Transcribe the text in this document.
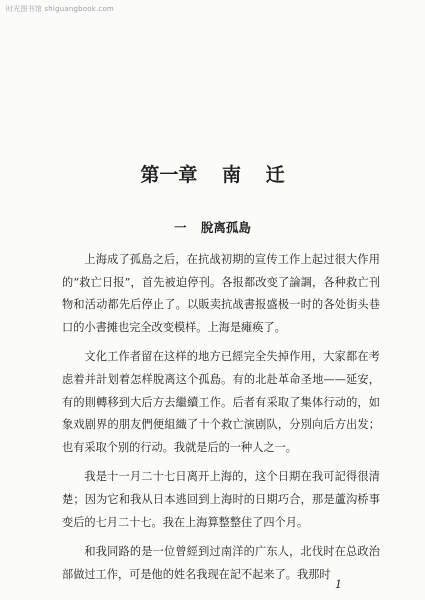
时光图书馆 shiguangbook.com
第一章 南 迁
一 脫离孤島

上海成了孤島之后，在抗战初期的宣传工作上起过很大作用的“救亡日报”，首先被迫停刊。各报都改变了論調，各种救亡刊物和活动都先后停止了。以販卖抗战書报盛极一时的各处街头巷口的小書摊也完全改变模样。上海是瘫痪了。

文化工作者留在这样的地方已經完全失掉作用，大家都在考虑着并計划着怎样脫离这个孤島。有的北赴革命圣地——延安，有的則轉移到大后方去繼續工作。后者有采取了集体行动的，如象戏剧界的朋友們便組織了十个救亡演剧队，分別向后方出发；也有采取个别的行动。我就是后的一种人之一。

我是十一月二十七日离开上海的，这个日期在我可記得很清楚；因为它和我从日本逃回到上海时的日期巧合，那是蘆沟桥事变后的七月二十七。我在上海算整整住了四个月。

和我同路的是一位曾經到过南洋的广东人，北伐时在总政治部做过工作，可是他的姓名我现在記不起来了。我那时

1
